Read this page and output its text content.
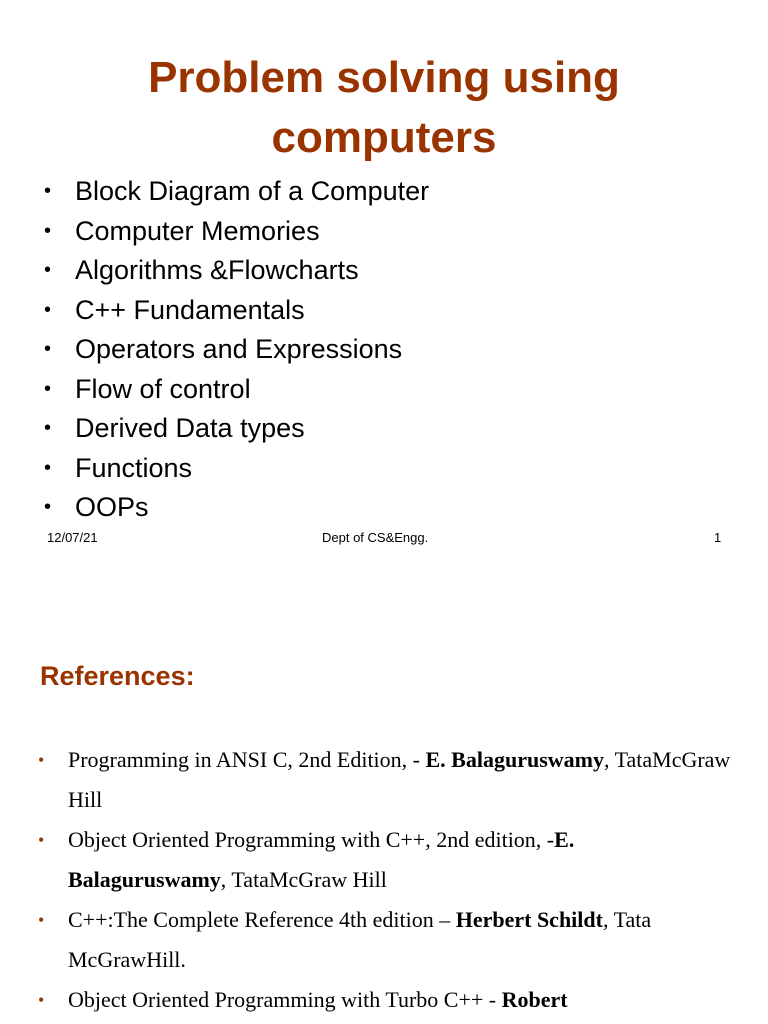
Problem solving using
computers
• Block Diagram of a Computer
• Computer Memories
• Algorithms &Flowcharts
• C++ Fundamentals
• Operators and Expressions
• Flow of control
• Derived Data types
• Functions
• OOPs
12/07/21	Dept of CS&Engg.	1
References:
• Programming in ANSI C, 2nd Edition, - E. Balaguruswamy, TataMcGraw Hill
• Object Oriented Programming with C++, 2nd edition, -E. Balaguruswamy, TataMcGraw Hill
• C++:The Complete Reference 4th edition – Herbert Schildt, Tata McGrawHill.
• Object Oriented Programming with Turbo C++ - Robert
